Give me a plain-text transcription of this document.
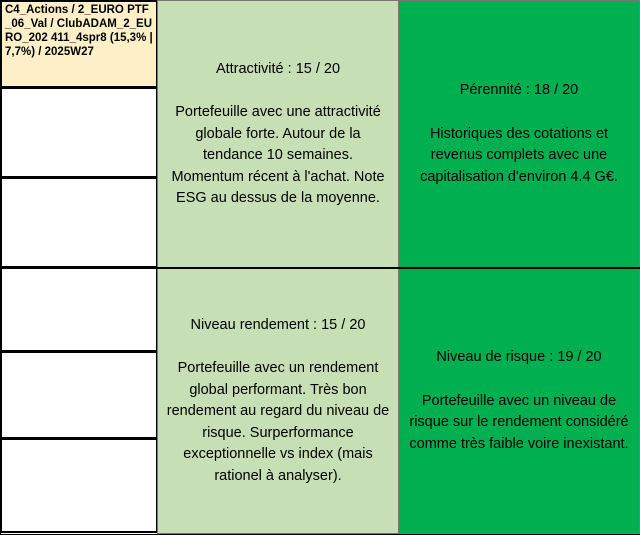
C4_Actions / 2_EURO PTF_06_Val / ClubADAM_2_EURO_202 411_4spr8 (15,3% | 7,7%) / 2025W27
Attractivité : 15 / 20
Portefeuille avec une attractivité globale forte. Autour de la tendance 10 semaines. Momentum récent à l'achat. Note ESG au dessus de la moyenne.
Pérennité : 18 / 20
Historiques des cotations et revenus complets avec une capitalisation d'environ 4.4 G€.
Niveau rendement : 15 / 20
Portefeuille avec un rendement global performant. Très bon rendement au regard du niveau de risque. Surperformance exceptionnelle vs index (mais rationel à analyser).
Niveau de risque : 19 / 20
Portefeuille avec un niveau de risque sur le rendement considéré comme très faible voire inexistant.
